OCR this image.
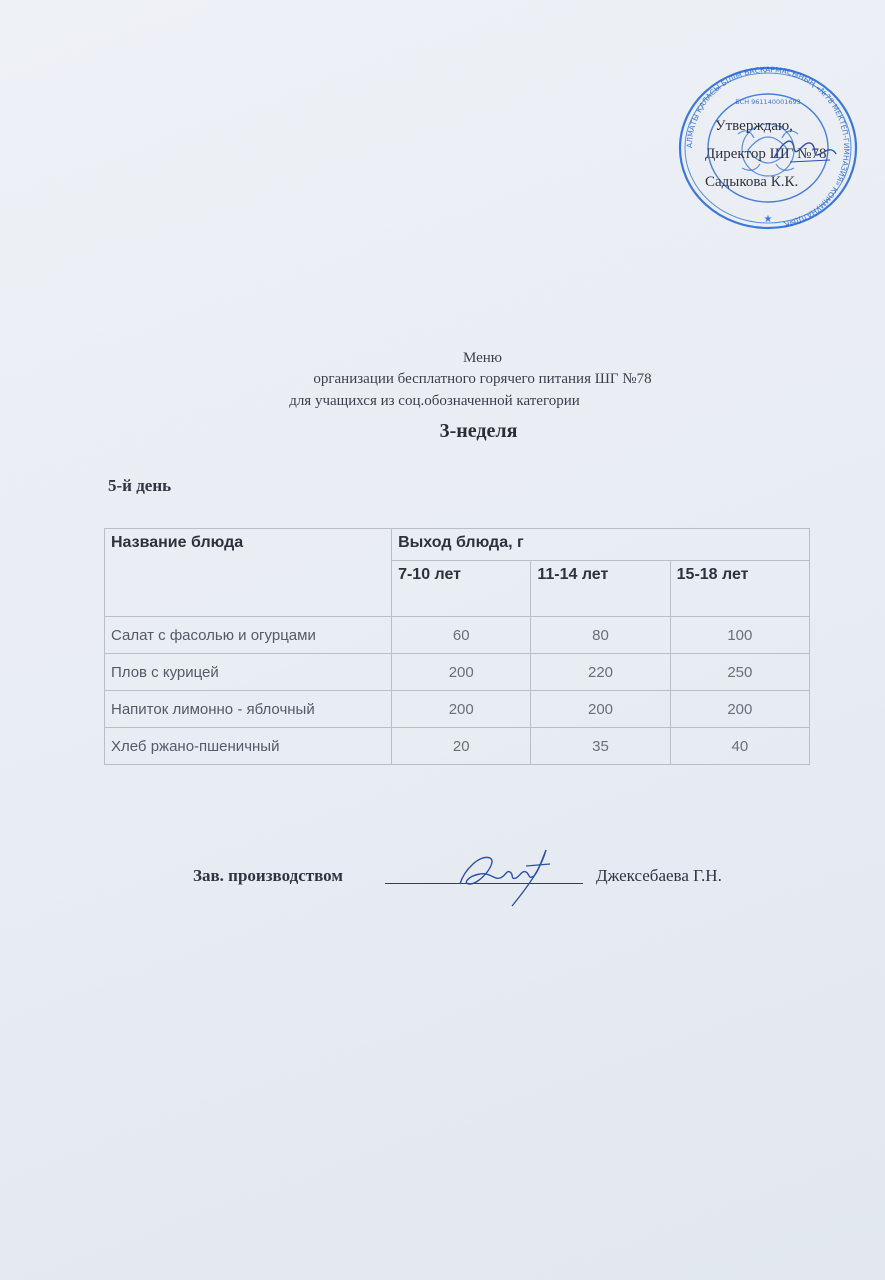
АЛМАТЫ ҚАЛАСЫ БІЛІМ БАСҚАРМАСЫНЫҢ «№78 МЕКТЕП-ГИМНАЗИЯ» КОММУНАЛДЫҚ
БСН 961140001693
★
Утверждаю,
Директор ШГ №78
Садыкова К.К.
Меню
организации бесплатного горячего питания ШГ №78
для учащихся из соц.обозначенной категории
3-неделя
5-й день
Название блюда	Выход блюда, г		
	7-10 лет	11-14 лет	15-18 лет
Салат с фасолью и огурцами	60	80	100
Плов с курицей	200	220	250
Напиток лимонно - яблочный	200	200	200
Хлеб ржано-пшеничный	20	35	40
Зав. производством	Джексебаева Г.Н.
